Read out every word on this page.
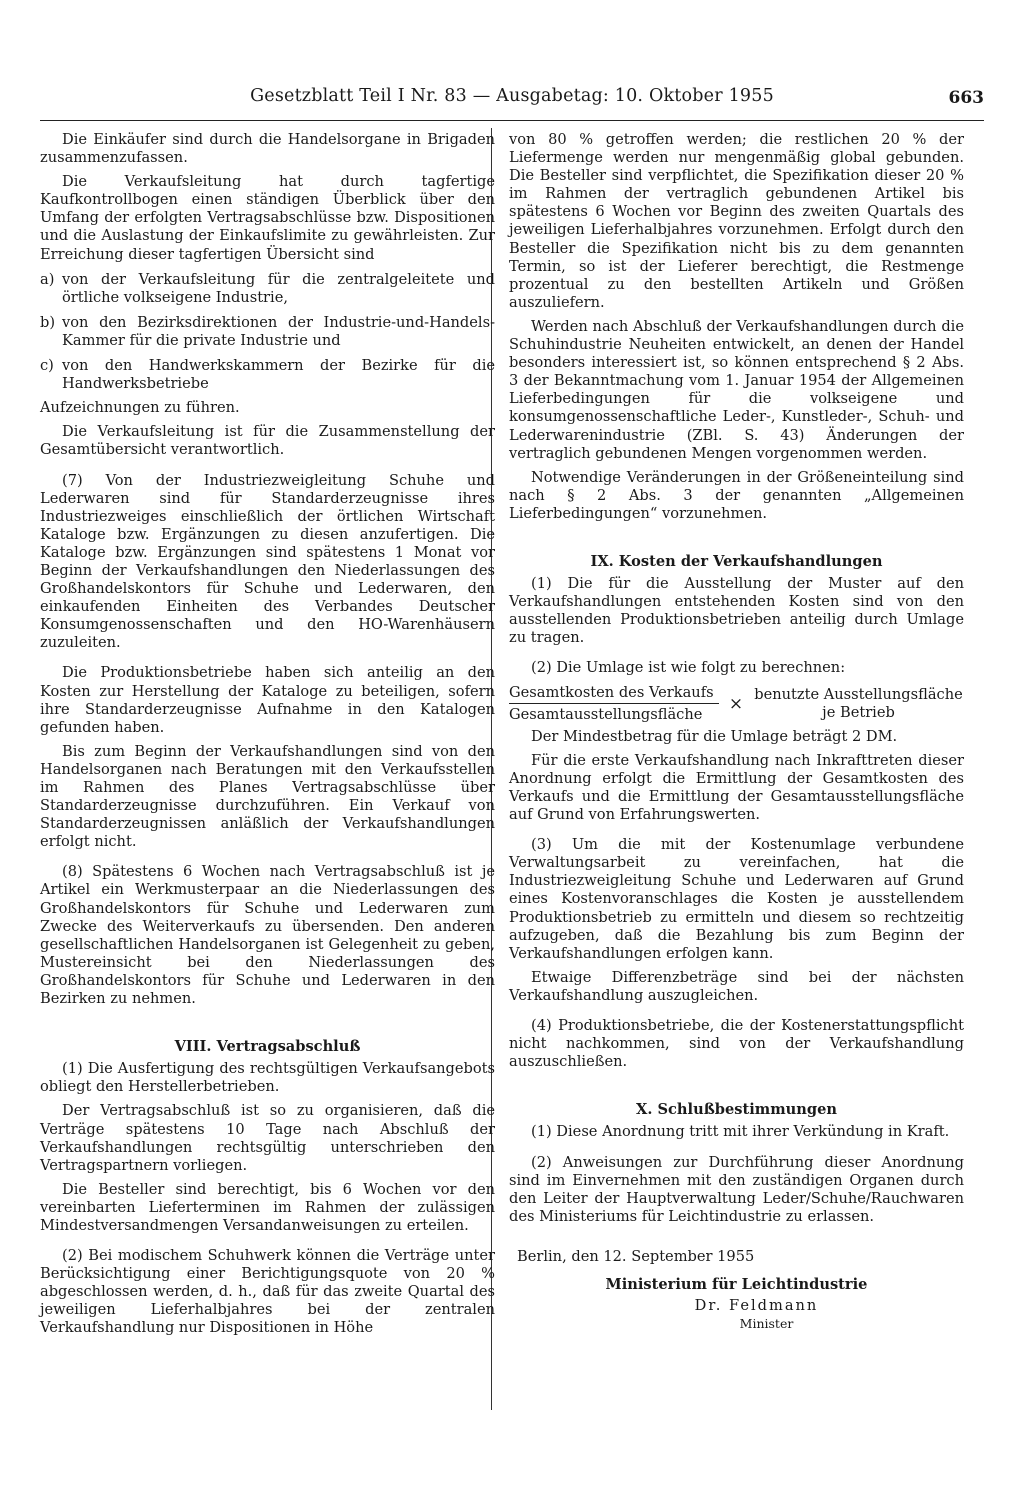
Gesetzblatt Teil I Nr. 83 — Ausgabetag: 10. Oktober 1955	663

Die Einkäufer sind durch die Handelsorgane in Brigaden zusammenzufassen.

Die Verkaufsleitung hat durch tagfertige Kaufkontrollbogen einen ständigen Überblick über den Umfang der erfolgten Vertragsabschlüsse bzw. Dispositionen und die Auslastung der Einkaufslimite zu gewährleisten. Zur Erreichung dieser tagfertigen Übersicht sind

a) von der Verkaufsleitung für die zentralgeleitete und örtliche volkseigene Industrie,
b) von den Bezirksdirektionen der Industrie-und-Handels-Kammer für die private Industrie und
c) von den Handwerkskammern der Bezirke für die Handwerksbetriebe

Aufzeichnungen zu führen.

Die Verkaufsleitung ist für die Zusammenstellung der Gesamtübersicht verantwortlich.

(7) Von der Industriezweigleitung Schuhe und Lederwaren sind für Standarderzeugnisse ihres Industriezweiges einschließlich der örtlichen Wirtschaft Kataloge bzw. Ergänzungen zu diesen anzufertigen. Die Kataloge bzw. Ergänzungen sind spätestens 1 Monat vor Beginn der Verkaufshandlungen den Niederlassungen des Großhandelskontors für Schuhe und Lederwaren, den einkaufenden Einheiten des Verbandes Deutscher Konsumgenossenschaften und den HO-Warenhäusern zuzuleiten.

Die Produktionsbetriebe haben sich anteilig an den Kosten zur Herstellung der Kataloge zu beteiligen, sofern ihre Standarderzeugnisse Aufnahme in den Katalogen gefunden haben.

Bis zum Beginn der Verkaufshandlungen sind von den Handelsorganen nach Beratungen mit den Verkaufsstellen im Rahmen des Planes Vertragsabschlüsse über Standarderzeugnisse durchzuführen. Ein Verkauf von Standarderzeugnissen anläßlich der Verkaufshandlungen erfolgt nicht.

(8) Spätestens 6 Wochen nach Vertragsabschluß ist je Artikel ein Werkmusterpaar an die Niederlassungen des Großhandelskontors für Schuhe und Lederwaren zum Zwecke des Weiterverkaufs zu übersenden. Den anderen gesellschaftlichen Handelsorganen ist Gelegenheit zu geben, Mustereinsicht bei den Niederlassungen des Großhandelskontors für Schuhe und Lederwaren in den Bezirken zu nehmen.

VIII. Vertragsabschluß

(1) Die Ausfertigung des rechtsgültigen Verkaufsangebots obliegt den Herstellerbetrieben.

Der Vertragsabschluß ist so zu organisieren, daß die Verträge spätestens 10 Tage nach Abschluß der Verkaufshandlungen rechtsgültig unterschrieben den Vertragspartnern vorliegen.

Die Besteller sind berechtigt, bis 6 Wochen vor den vereinbarten Lieferterminen im Rahmen der zulässigen Mindestversandmengen Versandanweisungen zu erteilen.

(2) Bei modischem Schuhwerk können die Verträge unter Berücksichtigung einer Berichtigungsquote von 20 % abgeschlossen werden, d. h., daß für das zweite Quartal des jeweiligen Lieferhalbjahres bei der zentralen Verkaufshandlung nur Dispositionen in Höhe

von 80 % getroffen werden; die restlichen 20 % der Liefermenge werden nur mengenmäßig global gebunden. Die Besteller sind verpflichtet, die Spezifikation dieser 20 % im Rahmen der vertraglich gebundenen Artikel bis spätestens 6 Wochen vor Beginn des zweiten Quartals des jeweiligen Lieferhalbjahres vorzunehmen. Erfolgt durch den Besteller die Spezifikation nicht bis zu dem genannten Termin, so ist der Lieferer berechtigt, die Restmenge prozentual zu den bestellten Artikeln und Größen auszuliefern.

Werden nach Abschluß der Verkaufshandlungen durch die Schuhindustrie Neuheiten entwickelt, an denen der Handel besonders interessiert ist, so können entsprechend § 2 Abs. 3 der Bekanntmachung vom 1. Januar 1954 der Allgemeinen Lieferbedingungen für die volkseigene und konsumgenossenschaftliche Leder-, Kunstleder-, Schuh- und Lederwarenindustrie (ZBl. S. 43) Änderungen der vertraglich gebundenen Mengen vorgenommen werden.

Notwendige Veränderungen in der Größeneinteilung sind nach § 2 Abs. 3 der genannten „Allgemeinen Lieferbedingungen“ vorzunehmen.

IX. Kosten der Verkaufshandlungen

(1) Die für die Ausstellung der Muster auf den Verkaufshandlungen entstehenden Kosten sind von den ausstellenden Produktionsbetrieben anteilig durch Umlage zu tragen.

(2) Die Umlage ist wie folgt zu berechnen:

$\frac{\text{Gesamtkosten des Verkaufs}}{\text{Gesamtausstellungsfläche}}$ × benutzte Ausstellungsfläche je Betrieb

Der Mindestbetrag für die Umlage beträgt 2 DM.

Für die erste Verkaufshandlung nach Inkrafttreten dieser Anordnung erfolgt die Ermittlung der Gesamtkosten des Verkaufs und die Ermittlung der Gesamtausstellungsfläche auf Grund von Erfahrungswerten.

(3) Um die mit der Kostenumlage verbundene Verwaltungsarbeit zu vereinfachen, hat die Industriezweigleitung Schuhe und Lederwaren auf Grund eines Kostenvoranschlages die Kosten je ausstellendem Produktionsbetrieb zu ermitteln und diesem so rechtzeitig aufzugeben, daß die Bezahlung bis zum Beginn der Verkaufshandlungen erfolgen kann.

Etwaige Differenzbeträge sind bei der nächsten Verkaufshandlung auszugleichen.

(4) Produktionsbetriebe, die der Kostenerstattungspflicht nicht nachkommen, sind von der Verkaufshandlung auszuschließen.

X. Schlußbestimmungen

(1) Diese Anordnung tritt mit ihrer Verkündung in Kraft.

(2) Anweisungen zur Durchführung dieser Anordnung sind im Einvernehmen mit den zuständigen Organen durch den Leiter der Hauptverwaltung Leder/Schuhe/Rauchwaren des Ministeriums für Leichtindustrie zu erlassen.

Berlin, den 12. September 1955

Ministerium für Leichtindustrie

Dr. Feldmann

Minister
